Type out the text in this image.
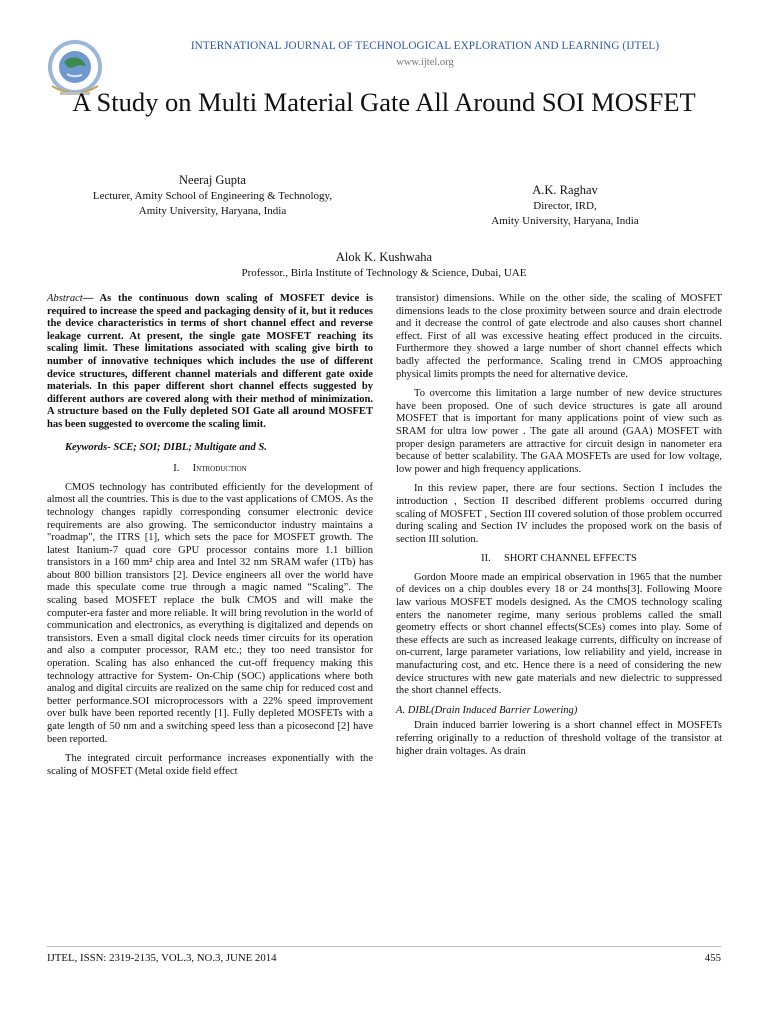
INTERNATIONAL JOURNAL OF TECHNOLOGICAL EXPLORATION AND LEARNING (IJTEL)
www.ijtel.org
A Study on Multi Material Gate All Around SOI MOSFET
Neeraj Gupta
Lecturer, Amity School of Engineering & Technology,
Amity University, Haryana, India
A.K. Raghav
Director, IRD,
Amity University, Haryana, India
Alok K. Kushwaha
Professor., Birla Institute of Technology & Science, Dubai, UAE

Abstract— As the continuous down scaling of MOSFET device is required to increase the speed and packaging density of it, but it reduces the device characteristics in terms of short channel effect and reverse leakage current. At present, the single gate MOSFET reaching its scaling limit. These limitations associated with scaling give birth to number of innovative techniques which includes the use of different device structures, different channel materials and different gate oxide materials. In this paper different short channel effects suggested by different authors are covered along with their method of minimization. A structure based on the Fully depleted SOI Gate all around MOSFET has been suggested to overcome the scaling limit.

Keywords- SCE; SOI; DIBL; Multigate and S.

I. Introduction

CMOS technology has contributed efficiently for the development of almost all the countries. This is due to the vast applications of CMOS. As the technology changes rapidly corresponding consumer electronic device requirements are also growing. The semiconductor industry maintains a "roadmap", the ITRS [1], which sets the pace for MOSFET growth. The latest Itanium-7 quad core GPU processor contains more 1.1 billion transistors in a 160 mm² chip area and Intel 32 nm SRAM wafer (1Tb) has about 800 billion transistors [2]. Device engineers all over the world have made this speculate come true through a magic named “Scaling”. The scaling based MOSFET replace the bulk CMOS and will make the computer-era faster and more reliable. It will bring revolution in the world of communication and electronics, as everything is digitalized and depends on transistors. Even a small digital clock needs timer circuits for its operation and also a computer processor, RAM etc.; they too need transistor for operation. Scaling has also enhanced the cut-off frequency making this technology attractive for System- On-Chip (SOC) applications where both analog and digital circuits are realized on the same chip for reduced cost and better performance.SOI microprocessors with a 22% speed improvement over bulk have been reported recently [1]. Fully depleted MOSFETs with a gate length of 50 nm and a switching speed less than a picosecond [2] have been reported.

The integrated circuit performance increases exponentially with the scaling of MOSFET (Metal oxide field effect

transistor) dimensions. While on the other side, the scaling of MOSFET dimensions leads to the close proximity between source and drain electrode and it decrease the control of gate electrode and also causes short channel effect. First of all was excessive heating effect produced in the circuits. Furthermore they showed a large number of short channel effects which badly affected the performance. Scaling trend in CMOS approaching physical limits prompts the need for alternative device.

To overcome this limitation a large number of new device structures have been proposed. One of such device structures is gate all around MOSFET that is important for many applications point of view such as SRAM for ultra low power . The gate all around (GAA) MOSFET with proper design parameters are attractive for circuit design in nanometer era because of better scalability. The GAA MOSFETs are used for low voltage, low power and high frequency applications.

In this review paper, there are four sections. Section I includes the introduction , Section II described different problems occurred during scaling of MOSFET , Section III covered solution of those problem occurred during scaling and Section IV includes the proposed work on the basis of section III solution.

II. SHORT CHANNEL EFFECTS

Gordon Moore made an empirical observation in 1965 that the number of devices on a chip doubles every 18 or 24 months[3]. Following Moore law various MOSFET models designed. As the CMOS technology scaling enters the nanometer regime, many serious problems called the small geometry effects or short channel effects(SCEs) comes into play. Some of these effects are such as increased leakage currents, difficulty on increase of on-current, large parameter variations, low reliability and yield, increase in manufacturing cost, and etc. Hence there is a need of considering the new device structures with new gate materials and new dielectric to suppressed the short channel effects.

A. DIBL(Drain Induced Barrier Lowering)

Drain induced barrier lowering is a short channel effect in MOSFETs referring originally to a reduction of threshold voltage of the transistor at higher drain voltages. As drain

IJTEL, ISSN: 2319-2135, VOL.3, NO.3, JUNE 2014	455
